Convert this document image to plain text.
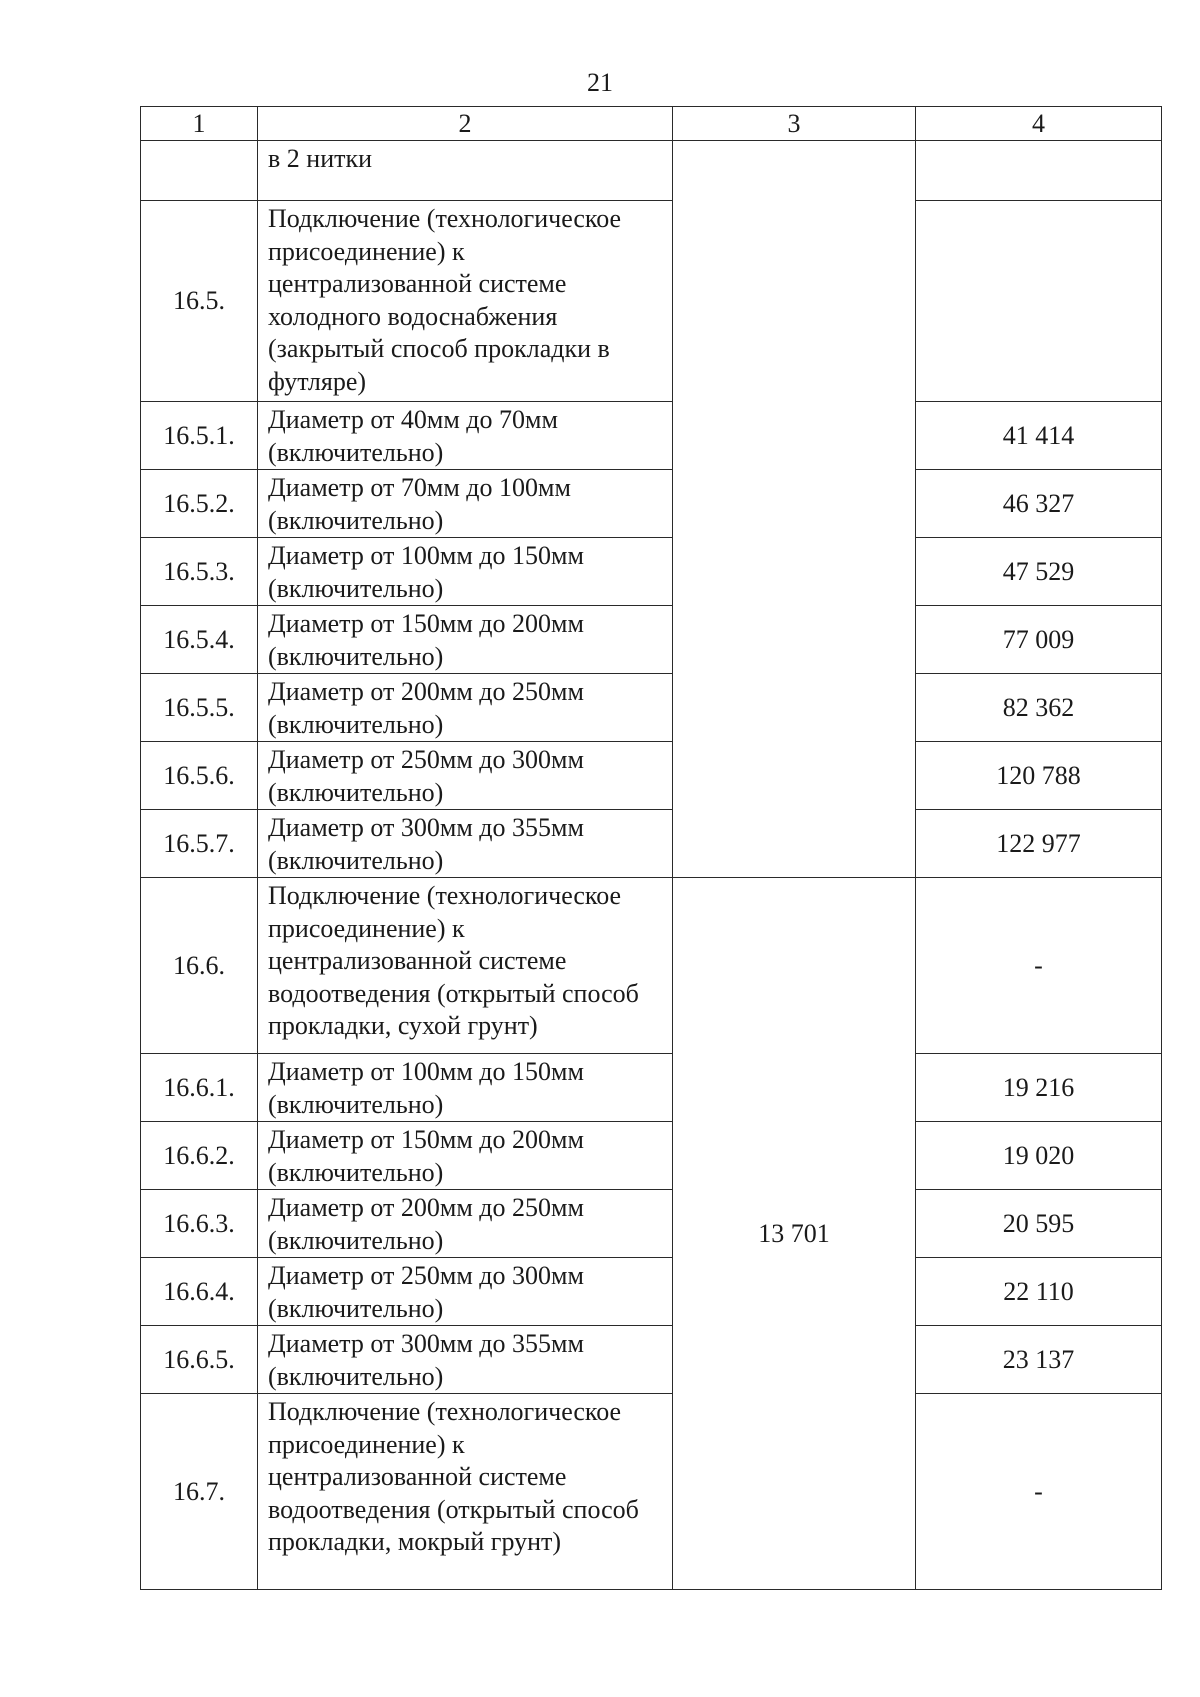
21
1	2	3	4
	в 2 нитки		
16.5.	Подключение (технологическое присоединение) к централизованной системе холодного водоснабжения (закрытый способ прокладки в футляре)		
16.5.1.	Диаметр от 40мм до 70мм (включительно)		41 414
16.5.2.	Диаметр от 70мм до 100мм (включительно)		46 327
16.5.3.	Диаметр от 100мм до 150мм (включительно)		47 529
16.5.4.	Диаметр от 150мм до 200мм (включительно)		77 009
16.5.5.	Диаметр от 200мм до 250мм (включительно)		82 362
16.5.6.	Диаметр от 250мм до 300мм (включительно)		120 788
16.5.7.	Диаметр от 300мм до 355мм (включительно)		122 977
16.6.	Подключение (технологическое присоединение) к централизованной системе водоотведения (открытый способ прокладки, сухой грунт)	13 701	-
16.6.1.	Диаметр от 100мм до 150мм (включительно)		19 216
16.6.2.	Диаметр от 150мм до 200мм (включительно)		19 020
16.6.3.	Диаметр от 200мм до 250мм (включительно)		20 595
16.6.4.	Диаметр от 250мм до 300мм (включительно)		22 110
16.6.5.	Диаметр от 300мм до 355мм (включительно)		23 137
16.7.	Подключение (технологическое присоединение) к централизованной системе водоотведения (открытый способ прокладки, мокрый грунт)		-
